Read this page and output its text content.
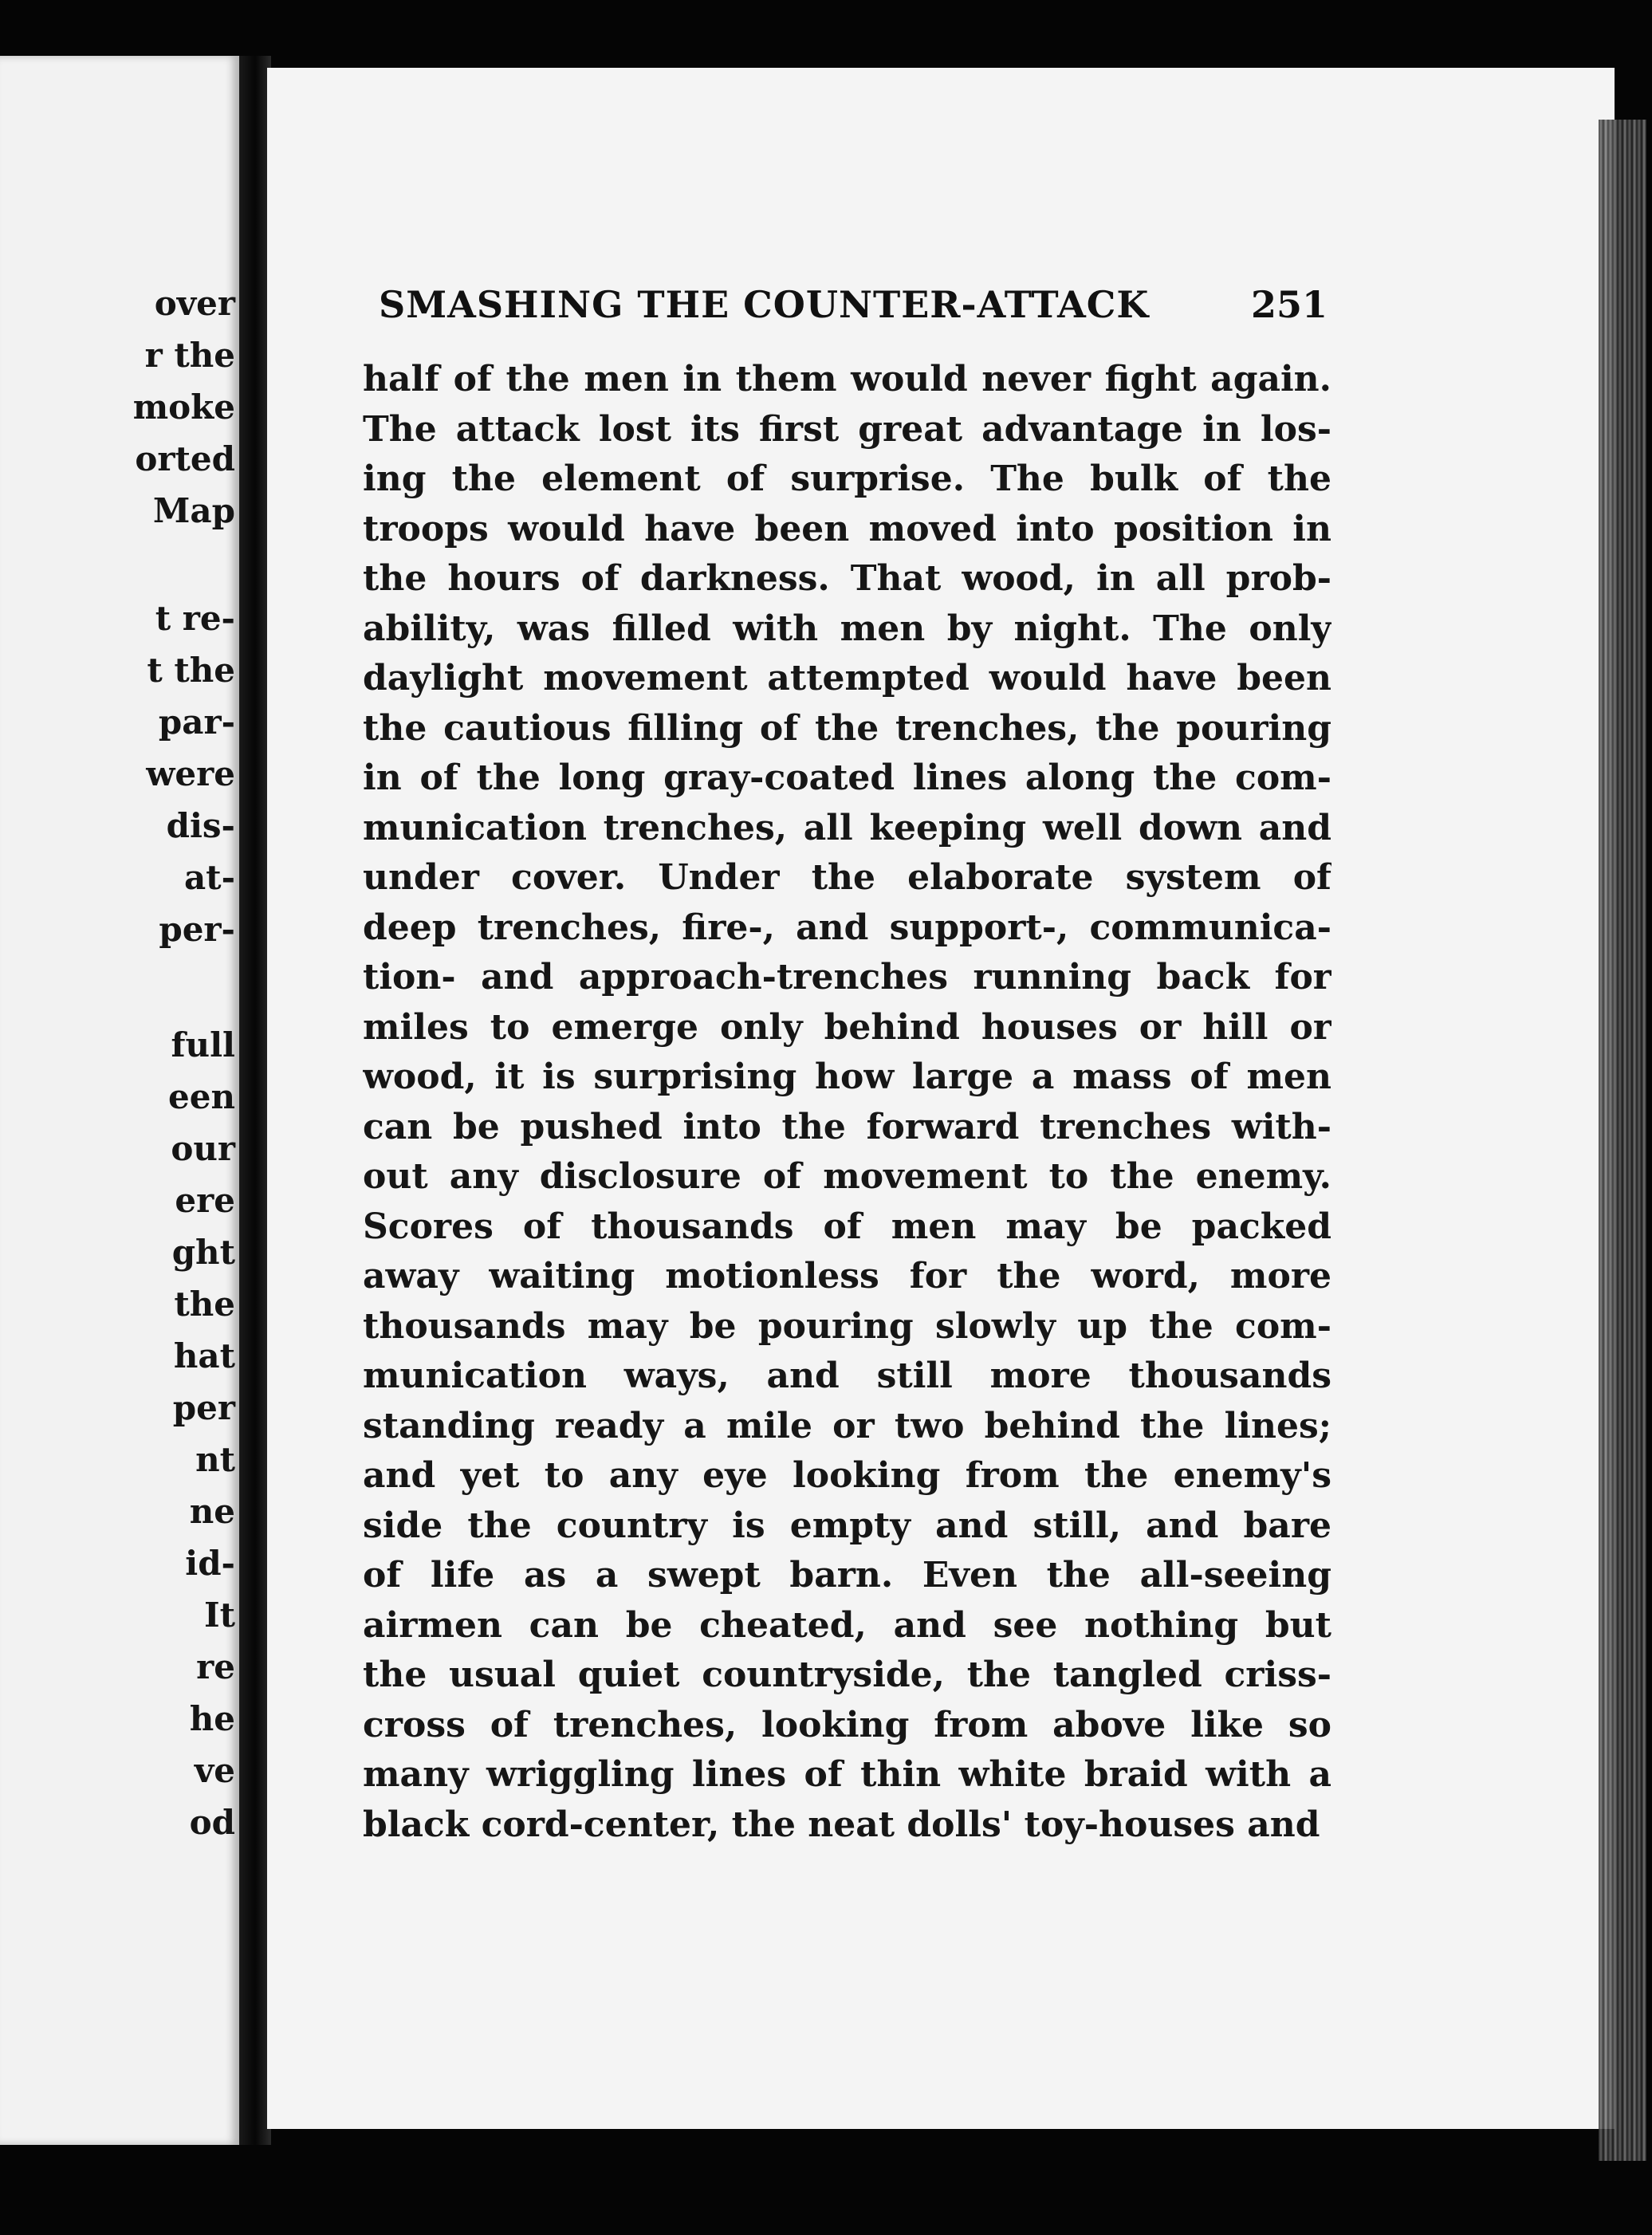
over
r the
moke
orted
Map
t re-
t the
par-
were
dis-
at-
per-
full
een
our
ere
ght
the
hat
per
nt
ne
id-
It
re
he
ve
od
SMASHING THE COUNTER-ATTACK	251
half of the men in them would never fight again.
The attack lost its first great advantage in los-
ing the element of surprise. The bulk of the
troops would have been moved into position in
the hours of darkness. That wood, in all prob-
ability, was filled with men by night. The only
daylight movement attempted would have been
the cautious filling of the trenches, the pouring
in of the long gray-coated lines along the com-
munication trenches, all keeping well down and
under cover. Under the elaborate system of
deep trenches, fire-, and support-, communica-
tion- and approach-trenches running back for
miles to emerge only behind houses or hill or
wood, it is surprising how large a mass of men
can be pushed into the forward trenches with-
out any disclosure of movement to the enemy.
Scores of thousands of men may be packed
away waiting motionless for the word, more
thousands may be pouring slowly up the com-
munication ways, and still more thousands
standing ready a mile or two behind the lines;
and yet to any eye looking from the enemy's
side the country is empty and still, and bare
of life as a swept barn. Even the all-seeing
airmen can be cheated, and see nothing but
the usual quiet countryside, the tangled criss-
cross of trenches, looking from above like so
many wriggling lines of thin white braid with a
black cord-center, the neat dolls' toy-houses and
